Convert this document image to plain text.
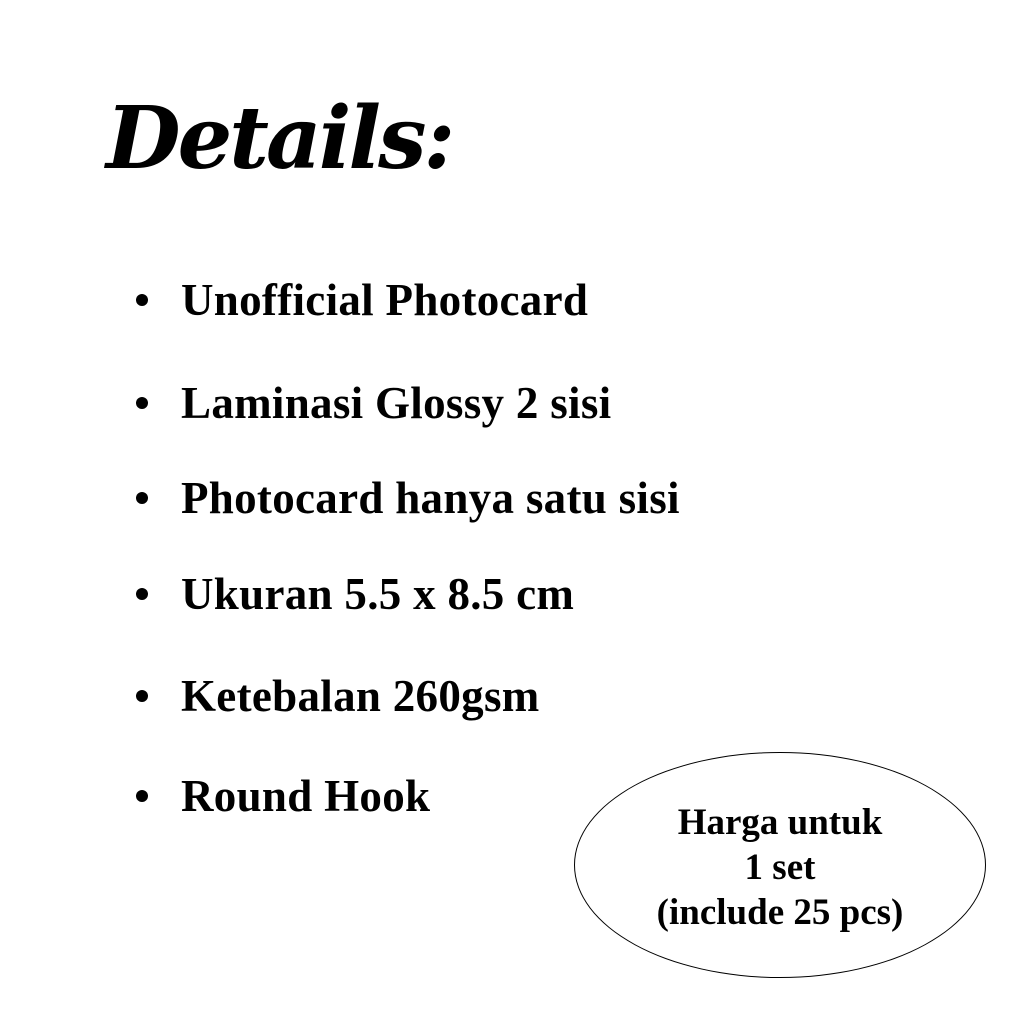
Details:
Unofficial Photocard
Laminasi Glossy 2 sisi
Photocard hanya satu sisi
Ukuran 5.5 x 8.5 cm
Ketebalan 260gsm
Round Hook
Harga untuk
1 set
(include 25 pcs)
